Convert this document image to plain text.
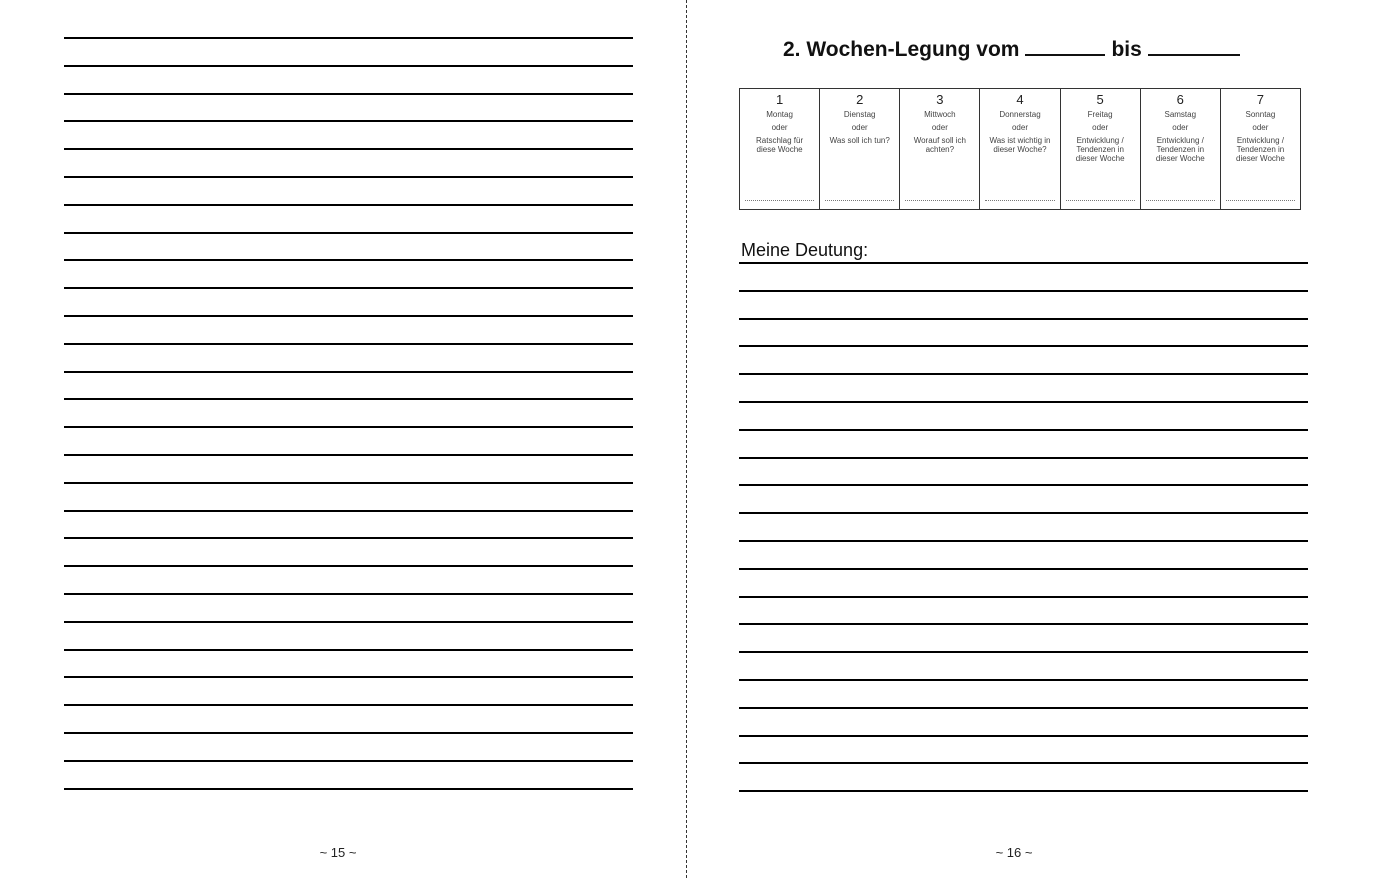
~ 15 ~
2. Wochen-Legung vom	bis
1
Montag
oder
Ratschlag für diese Woche

2
Dienstag
oder
Was soll ich tun?

3
Mittwoch
oder
Worauf soll ich achten?

4
Donnerstag
oder
Was ist wichtig in dieser Woche?

5
Freitag
oder
Entwicklung / Tendenzen in dieser Woche

6
Samstag
oder
Entwicklung / Tendenzen in dieser Woche

7
Sonntag
oder
Entwicklung / Tendenzen in dieser Woche
Meine Deutung:
~ 16 ~
